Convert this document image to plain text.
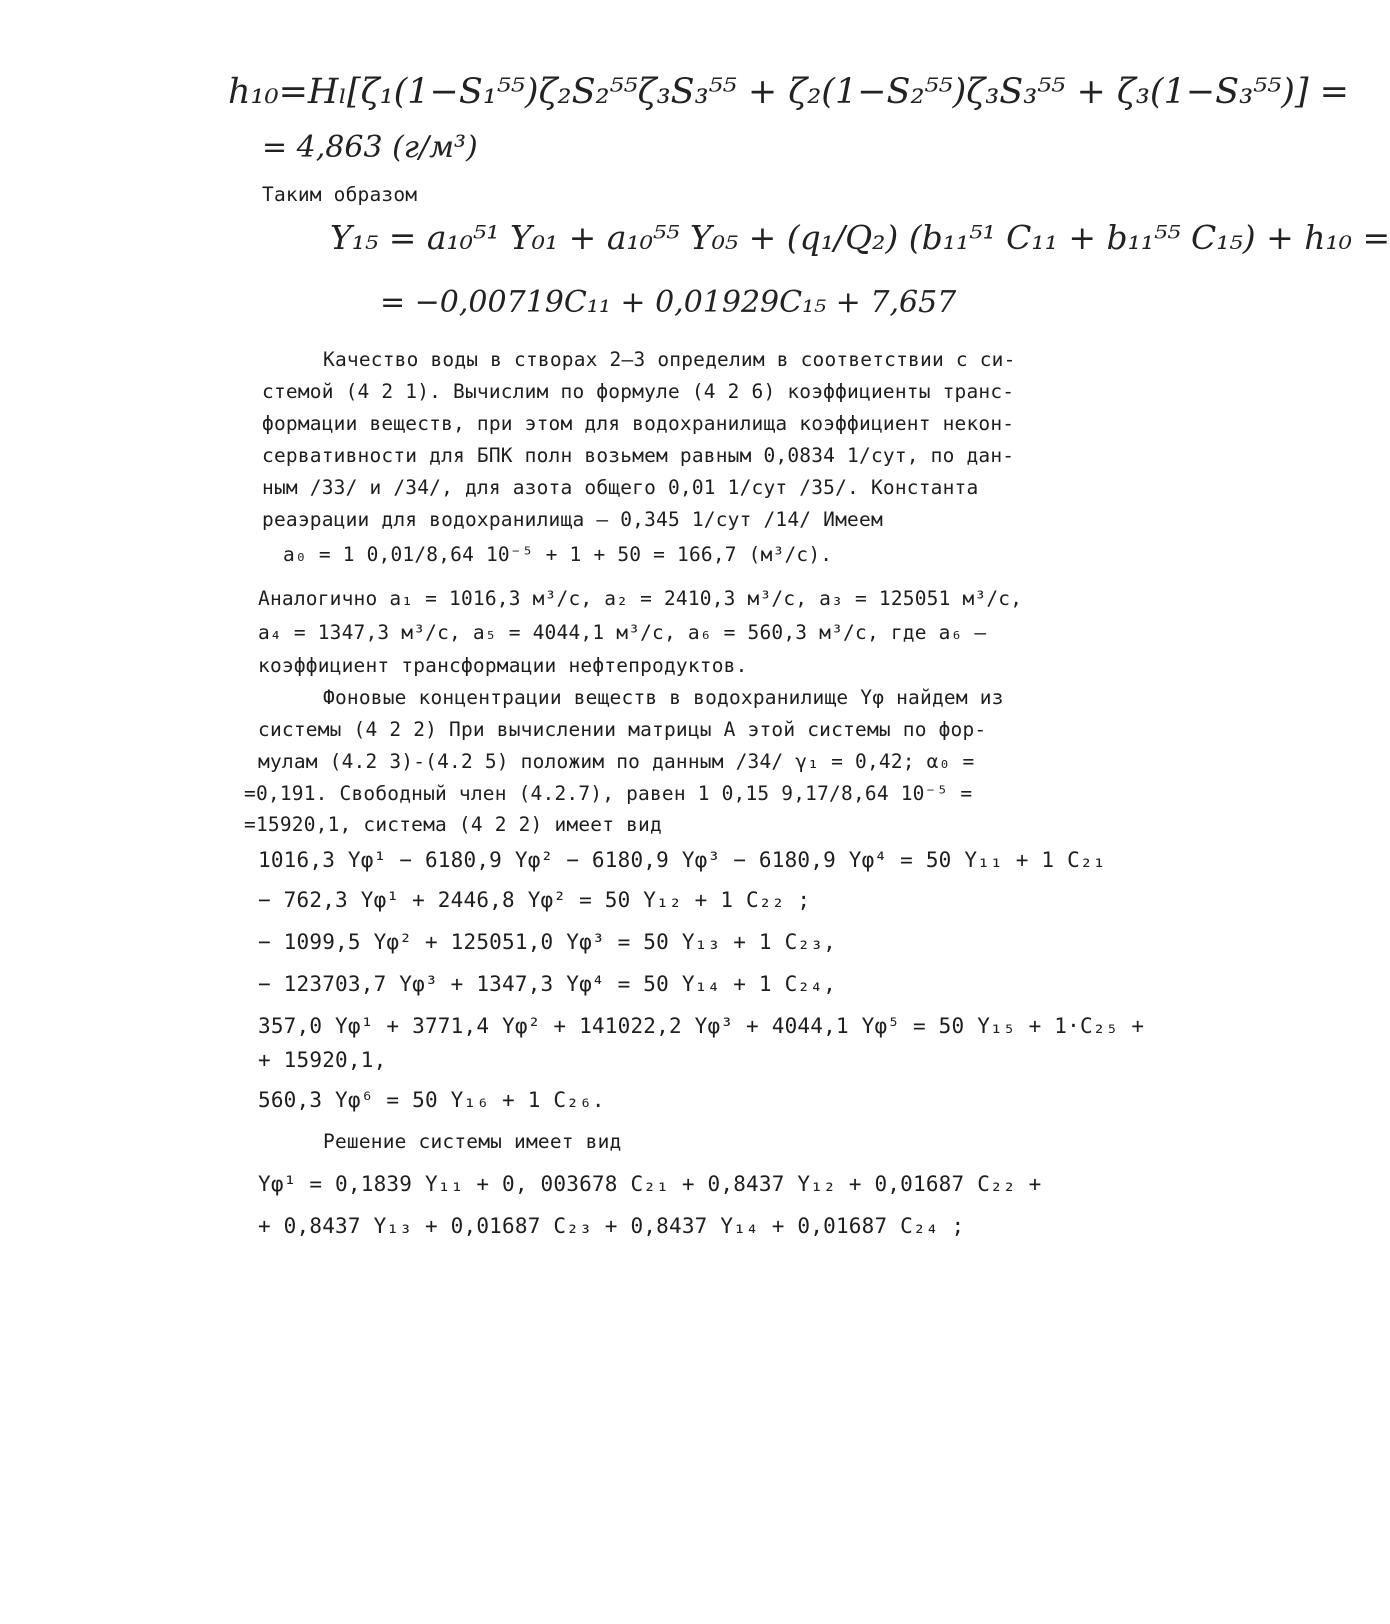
h₁₀=Hₗ[ζ₁(1−S₁⁵⁵)ζ₂S₂⁵⁵ζ₃S₃⁵⁵ + ζ₂(1−S₂⁵⁵)ζ₃S₃⁵⁵ + ζ₃(1−S₃⁵⁵)] =
= 4,863 (г/м³)
Таким образом
Y₁₅ = a₁₀⁵¹ Y₀₁ + a₁₀⁵⁵ Y₀₅ + (q₁/Q₂) (b₁₁⁵¹ C₁₁ + b₁₁⁵⁵ C₁₅) + h₁₀ =
= −0,00719C₁₁ + 0,01929C₁₅ + 7,657
Качество воды в створах 2–3 определим в соответствии с си-
стемой (4 2 1). Вычислим по формуле (4 2 6) коэффициенты транс-
формации веществ, при этом для водохранилища коэффициент некон-
сервативности для БПК полн возьмем равным 0,0834 1/сут, по дан-
ным /33/ и /34/, для азота общего 0,01 1/сут /35/. Константа
реаэрации для водохранилища – 0,345 1/сут /14/ Имеем
a₀ = 1 0,01/8,64 10⁻⁵ + 1 + 50 = 166,7 (м³/с).
Аналогично a₁ = 1016,3 м³/с, a₂ = 2410,3 м³/с, a₃ = 125051 м³/с,
a₄ = 1347,3 м³/с, a₅ = 4044,1 м³/с, a₆ = 560,3 м³/с, где a₆ –
коэффициент трансформации нефтепродуктов.
Фоновые концентрации веществ в водохранилище Yφ найдем из
системы (4 2 2) При вычислении матрицы A этой системы по фор-
мулам (4.2 3)-(4.2 5) положим по данным /34/ γ₁ = 0,42; α₀ =
=0,191. Свободный член (4.2.7), равен 1 0,15 9,17/8,64 10⁻⁵ =
=15920,1, система (4 2 2) имеет вид
1016,3 Yφ¹ − 6180,9 Yφ² − 6180,9 Yφ³ − 6180,9 Yφ⁴ = 50 Y₁₁ + 1 C₂₁
− 762,3 Yφ¹ + 2446,8 Yφ² = 50 Y₁₂ + 1 C₂₂ ;
− 1099,5 Yφ² + 125051,0 Yφ³ = 50 Y₁₃ + 1 C₂₃,
− 123703,7 Yφ³ + 1347,3 Yφ⁴ = 50 Y₁₄ + 1 C₂₄,
357,0 Yφ¹ + 3771,4 Yφ² + 141022,2 Yφ³ + 4044,1 Yφ⁵ = 50 Y₁₅ + 1·C₂₅ +
+ 15920,1,
560,3 Yφ⁶ = 50 Y₁₆ + 1 C₂₆.
Решение системы имеет вид
Yφ¹ = 0,1839 Y₁₁ + 0, 003678 C₂₁ + 0,8437 Y₁₂ + 0,01687 C₂₂ +
+ 0,8437 Y₁₃ + 0,01687 C₂₃ + 0,8437 Y₁₄ + 0,01687 C₂₄ ;
